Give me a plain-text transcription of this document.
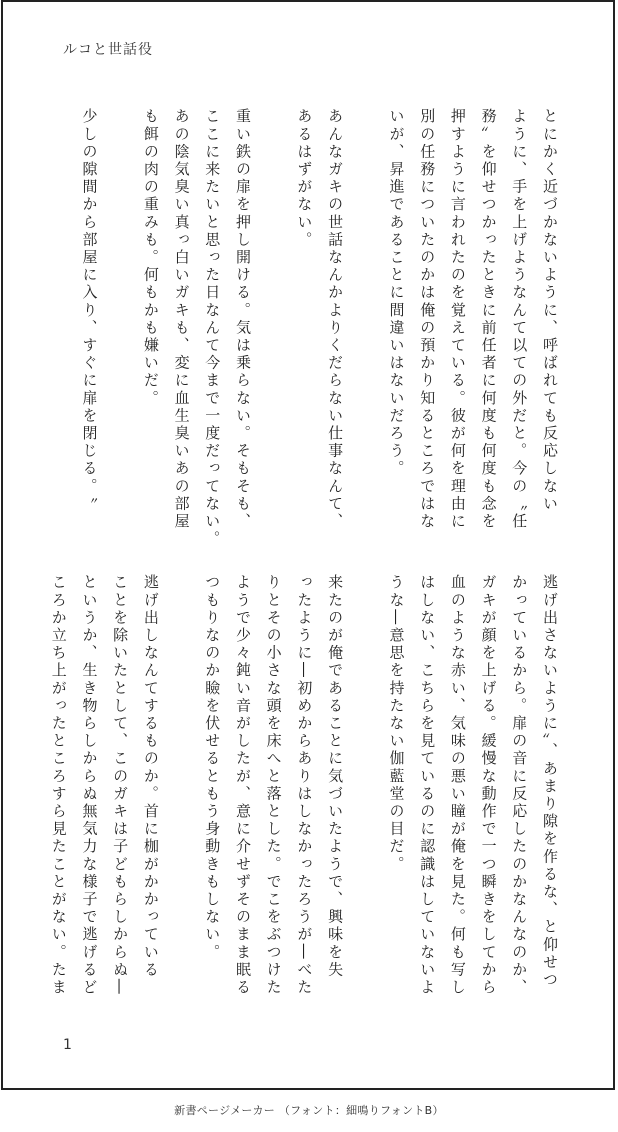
ルコと世話役

とにかく近づかないように、呼ばれても反応しない

ように、手を上げようなんて以ての外だと。今の〝任

務〟を仰せつかったときに前任者に何度も何度も念を

押すように言われたのを覚えている。彼が何を理由に

別の任務についたのかは俺の預かり知るところではな

いが、昇進であることに間違いはないだろう。

あんなガキの世話なんかよりくだらない仕事なんて、

あるはずがない。

重い鉄の扉を押し開ける。気は乗らない。そもそも、

ここに来たいと思った日なんて今まで一度だってない。

あの陰気臭い真っ白いガキも、変に血生臭いあの部屋

も餌の肉の重みも。何もかも嫌いだ。

少しの隙間から部屋に入り、すぐに扉を閉じる。〝

逃げ出さないように〟、あまり隙を作るな、と仰せつ

かっているから。扉の音に反応したのかなんなのか、

ガキが顔を上げる。緩慢な動作で一つ瞬きをしてから

血のような赤い、気味の悪い瞳が俺を見た。何も写し

はしない、こちらを見ているのに認識はしていないよ

うな―意思を持たない伽藍堂の目だ。

来たのが俺であることに気づいたようで、興味を失

ったように―初めからありはしなかったろうが―べた

りとその小さな頭を床へと落とした。でこをぶつけた

ようで少々鈍い音がしたが、意に介せずそのまま眠る

つもりなのか瞼を伏せるともう身動きもしない。

逃げ出しなんてするものか。首に枷がかかっている

ことを除いたとして、このガキは子どもらしからぬ―

というか、生き物らしからぬ無気力な様子で逃げるど

ころか立ち上がったところすら見たことがない。たま

1
新書ページメーカー （フォント：細鳴りフォントB）
